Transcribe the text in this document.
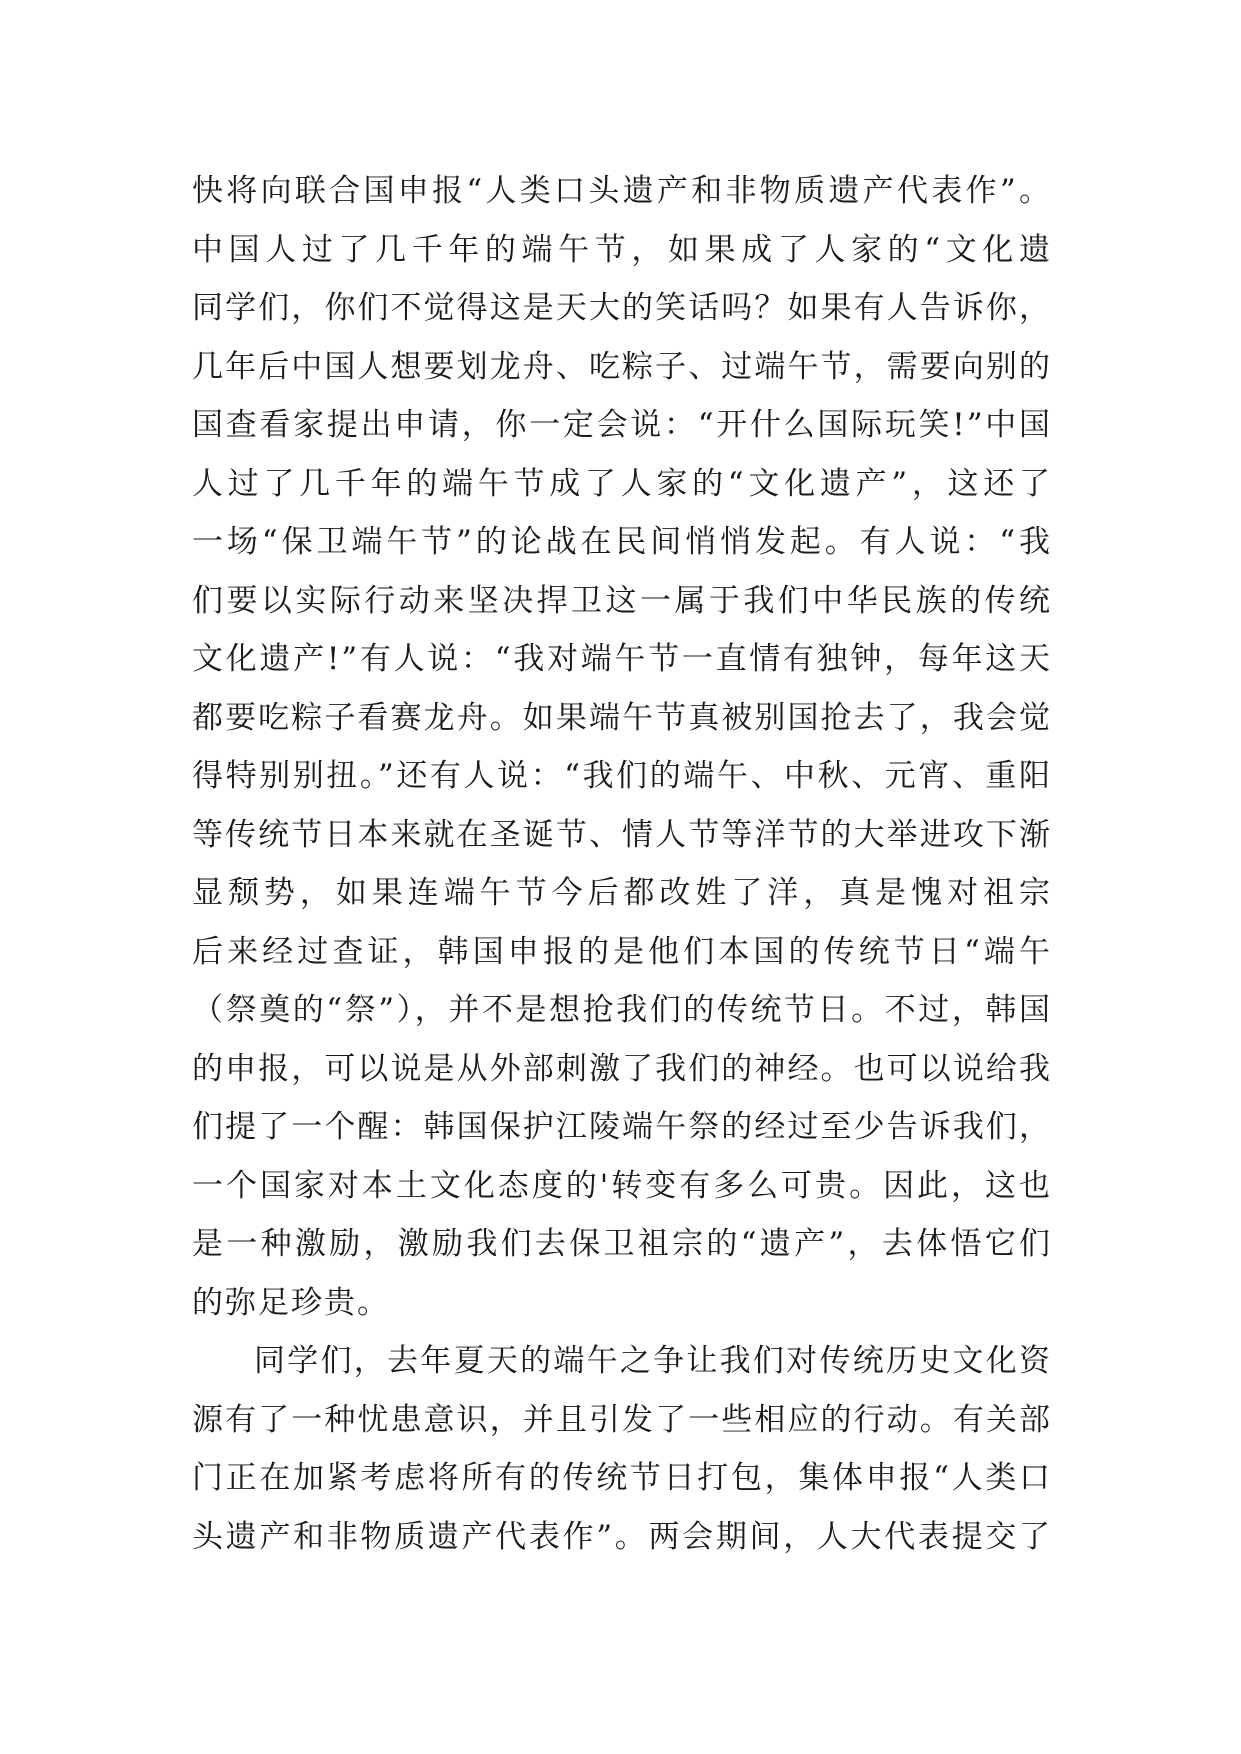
快将向联合国申报“人类口头遗产和非物质遗产代表作”。
中国人过了几千年的端午节，如果成了人家的“文化遗
同学们，你们不觉得这是天大的笑话吗？如果有人告诉你，
几年后中国人想要划龙舟、吃粽子、过端午节，需要向别的
国查看家提出申请，你一定会说：“开什么国际玩笑!”中国
人过了几千年的端午节成了人家的“文化遗产”，这还了
一场“保卫端午节”的论战在民间悄悄发起。有人说：“我
们要以实际行动来坚决捍卫这一属于我们中华民族的传统
文化遗产!”有人说：“我对端午节一直情有独钟，每年这天
都要吃粽子看赛龙舟。如果端午节真被别国抢去了，我会觉
得特别别扭。”还有人说：“我们的端午、中秋、元宵、重阳
等传统节日本来就在圣诞节、情人节等洋节的大举进攻下渐
显颓势，如果连端午节今后都改姓了洋，真是愧对祖宗
后来经过查证，韩国申报的是他们本国的传统节日“端午
（祭奠的“祭”），并不是想抢我们的传统节日。不过，韩国
的申报，可以说是从外部刺激了我们的神经。也可以说给我
们提了一个醒：韩国保护江陵端午祭的经过至少告诉我们，
一个国家对本土文化态度的'转变有多么可贵。因此，这也
是一种激励，激励我们去保卫祖宗的“遗产”，去体悟它们
的弥足珍贵。
同学们，去年夏天的端午之争让我们对传统历史文化资
源有了一种忧患意识，并且引发了一些相应的行动。有关部
门正在加紧考虑将所有的传统节日打包，集体申报“人类口
头遗产和非物质遗产代表作”。两会期间，人大代表提交了
